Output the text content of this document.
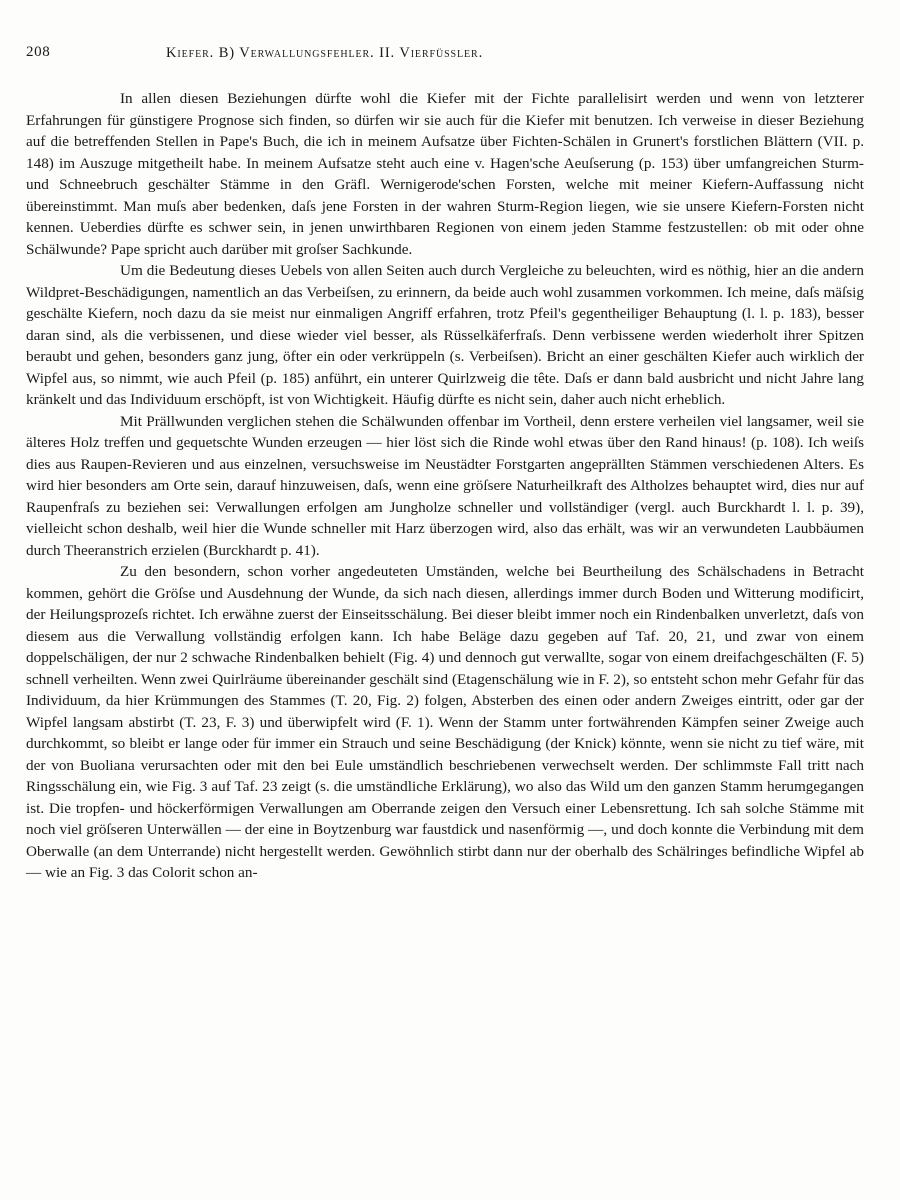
208	Kiefer. B) Verwallungsfehler. II. Vierfüssler.

In allen diesen Beziehungen dürfte wohl die Kiefer mit der Fichte parallelisirt werden und wenn von letzterer Erfahrungen für günstigere Prognose sich finden, so dürfen wir sie auch für die Kiefer mit benutzen. Ich verweise in dieser Beziehung auf die betreffenden Stellen in Pape's Buch, die ich in meinem Aufsatze über Fichten-Schälen in Grunert's forstlichen Blättern (VII. p. 148) im Auszuge mitgetheilt habe. In meinem Aufsatze steht auch eine v. Hagen'sche Aeuſserung (p. 153) über umfangreichen Sturm- und Schneebruch geschälter Stämme in den Gräfl. Wernigerode'schen Forsten, welche mit meiner Kiefern-Auffassung nicht übereinstimmt. Man muſs aber bedenken, daſs jene Forsten in der wahren Sturm-Region liegen, wie sie unsere Kiefern-Forsten nicht kennen. Ueberdies dürfte es schwer sein, in jenen unwirthbaren Regionen von einem jeden Stamme festzustellen: ob mit oder ohne Schälwunde? Pape spricht auch darüber mit groſser Sachkunde.

Um die Bedeutung dieses Uebels von allen Seiten auch durch Vergleiche zu beleuchten, wird es nöthig, hier an die andern Wildpret-Beschädigungen, namentlich an das Verbeiſsen, zu erinnern, da beide auch wohl zusammen vorkommen. Ich meine, daſs mäſsig geschälte Kiefern, noch dazu da sie meist nur einmaligen Angriff erfahren, trotz Pfeil's gegentheiliger Behauptung (l. l. p. 183), besser daran sind, als die verbissenen, und diese wieder viel besser, als Rüsselkäferfraſs. Denn verbissene werden wiederholt ihrer Spitzen beraubt und gehen, besonders ganz jung, öfter ein oder verkrüppeln (s. Verbeiſsen). Bricht an einer geschälten Kiefer auch wirklich der Wipfel aus, so nimmt, wie auch Pfeil (p. 185) anführt, ein unterer Quirlzweig die tête. Daſs er dann bald ausbricht und nicht Jahre lang kränkelt und das Individuum erschöpft, ist von Wichtigkeit. Häufig dürfte es nicht sein, daher auch nicht erheblich.

Mit Prällwunden verglichen stehen die Schälwunden offenbar im Vortheil, denn erstere verheilen viel langsamer, weil sie älteres Holz treffen und gequetschte Wunden erzeugen — hier löst sich die Rinde wohl etwas über den Rand hinaus! (p. 108). Ich weiſs dies aus Raupen-Revieren und aus einzelnen, versuchsweise im Neustädter Forstgarten angeprällten Stämmen verschiedenen Alters. Es wird hier besonders am Orte sein, darauf hinzuweisen, daſs, wenn eine gröſsere Naturheilkraft des Altholzes behauptet wird, dies nur auf Raupenfraſs zu beziehen sei: Verwallungen erfolgen am Jungholze schneller und vollständiger (vergl. auch Burckhardt l. l. p. 39), vielleicht schon deshalb, weil hier die Wunde schneller mit Harz überzogen wird, also das erhält, was wir an verwundeten Laubbäumen durch Theeranstrich erzielen (Burckhardt p. 41).

Zu den besondern, schon vorher angedeuteten Umständen, welche bei Beurtheilung des Schälschadens in Betracht kommen, gehört die Gröſse und Ausdehnung der Wunde, da sich nach diesen, allerdings immer durch Boden und Witterung modificirt, der Heilungsprozeſs richtet. Ich erwähne zuerst der Einseitsschälung. Bei dieser bleibt immer noch ein Rindenbalken unverletzt, daſs von diesem aus die Verwallung vollständig erfolgen kann. Ich habe Beläge dazu gegeben auf Taf. 20, 21, und zwar von einem doppelschäligen, der nur 2 schwache Rindenbalken behielt (Fig. 4) und dennoch gut verwallte, sogar von einem dreifachgeschälten (F. 5) schnell verheilten. Wenn zwei Quirlräume übereinander geschält sind (Etagenschälung wie in F. 2), so entsteht schon mehr Gefahr für das Individuum, da hier Krümmungen des Stammes (T. 20, Fig. 2) folgen, Absterben des einen oder andern Zweiges eintritt, oder gar der Wipfel langsam abstirbt (T. 23, F. 3) und überwipfelt wird (F. 1). Wenn der Stamm unter fortwährenden Kämpfen seiner Zweige auch durchkommt, so bleibt er lange oder für immer ein Strauch und seine Beschädigung (der Knick) könnte, wenn sie nicht zu tief wäre, mit der von Buoliana verursachten oder mit den bei Eule umständlich beschriebenen verwechselt werden. Der schlimmste Fall tritt nach Ringsschälung ein, wie Fig. 3 auf Taf. 23 zeigt (s. die umständliche Erklärung), wo also das Wild um den ganzen Stamm herumgegangen ist. Die tropfen- und höckerförmigen Verwallungen am Oberrande zeigen den Versuch einer Lebensrettung. Ich sah solche Stämme mit noch viel gröſseren Unterwällen — der eine in Boytzenburg war faustdick und nasenförmig —, und doch konnte die Verbindung mit dem Oberwalle (an dem Unterrande) nicht hergestellt werden. Gewöhnlich stirbt dann nur der oberhalb des Schälringes befindliche Wipfel ab — wie an Fig. 3 das Colorit schon an-
